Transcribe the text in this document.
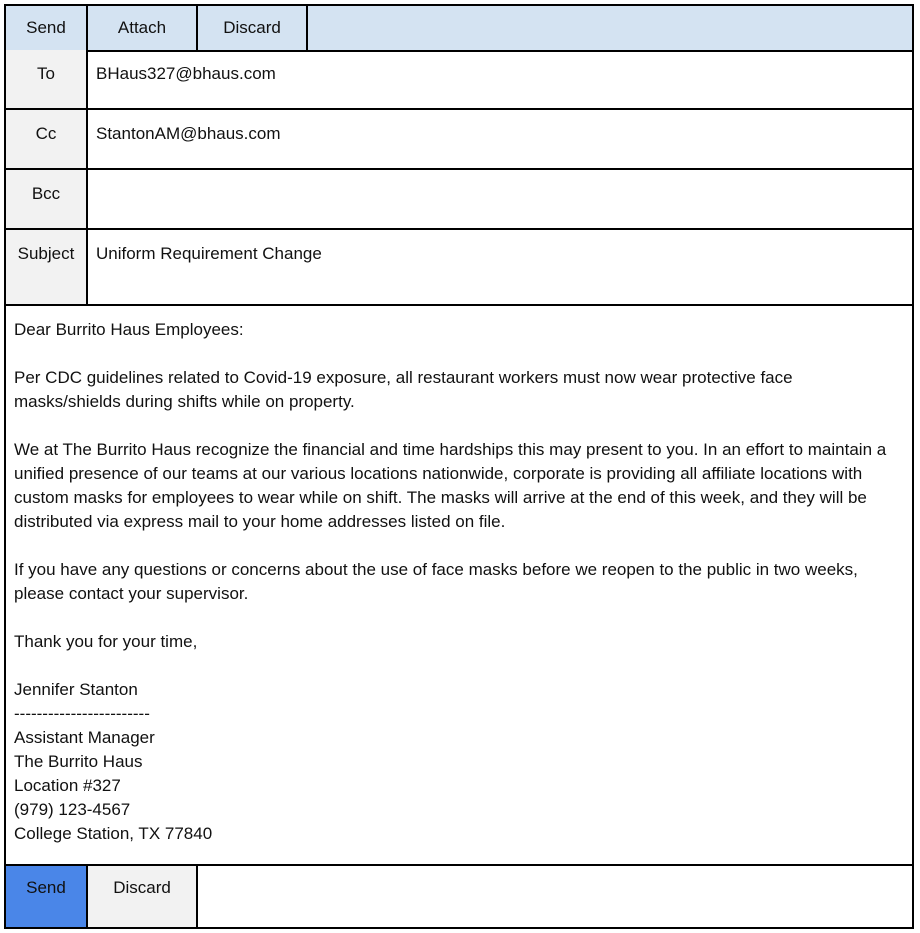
Send	Attach	Discard
To	BHaus327@bhaus.com
Cc	StantonAM@bhaus.com
Bcc
Subject	Uniform Requirement Change

Dear Burrito Haus Employees:

Per CDC guidelines related to Covid-19 exposure, all restaurant workers must now wear protective face masks/shields during shifts while on property.

We at The Burrito Haus recognize the financial and time hardships this may present to you. In an effort to maintain a unified presence of our teams at our various locations nationwide, corporate is providing all affiliate locations with custom masks for employees to wear while on shift. The masks will arrive at the end of this week, and they will be distributed via express mail to your home addresses listed on file.

If you have any questions or concerns about the use of face masks before we reopen to the public in two weeks, please contact your supervisor.

Thank you for your time,

Jennifer Stanton
------------------------
Assistant Manager
The Burrito Haus
Location #327
(979) 123-4567
College Station, TX 77840
Send	Discard
